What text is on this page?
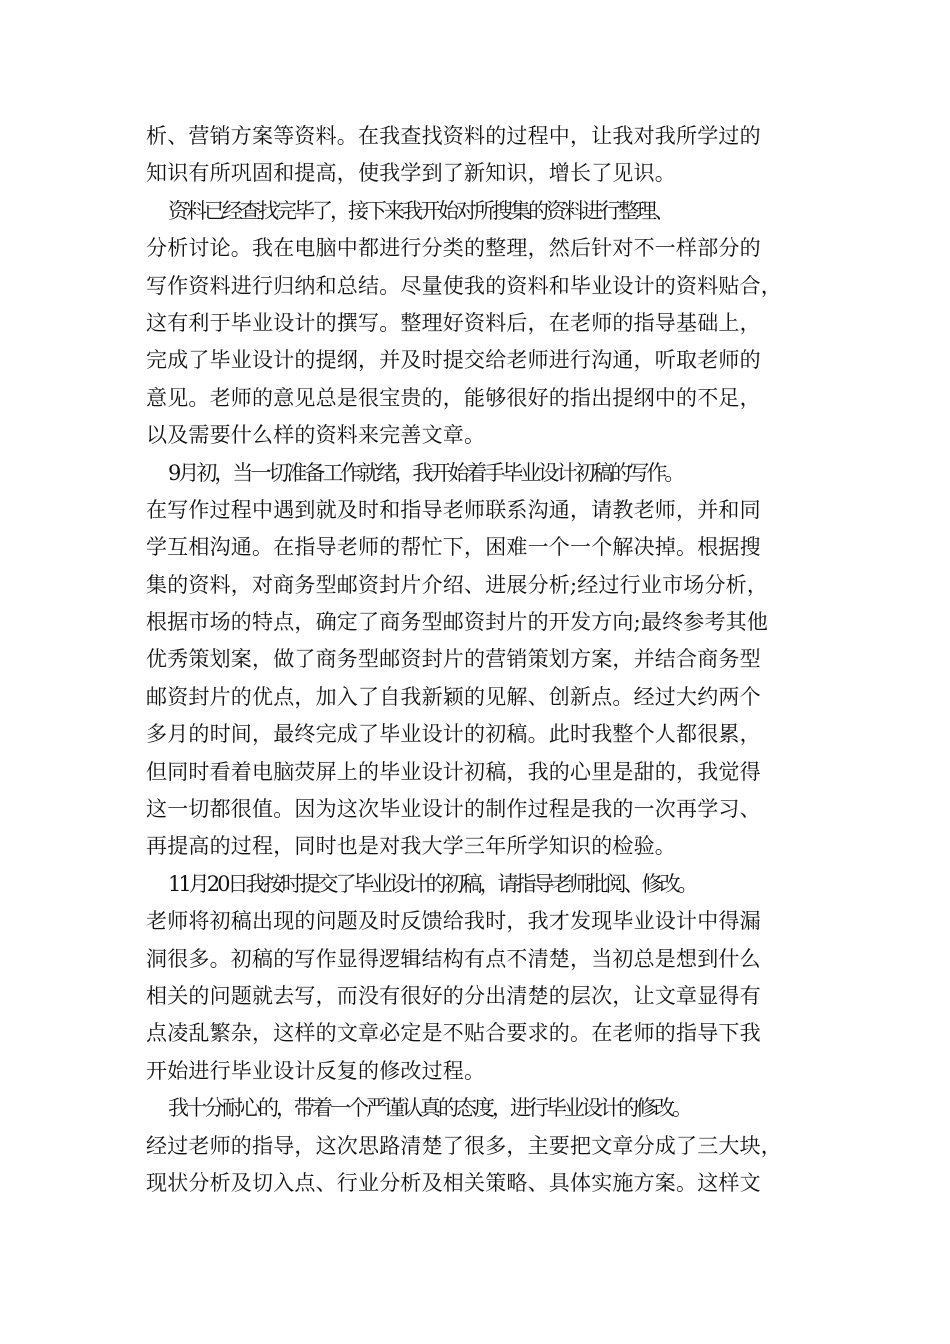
析、营销方案等资料。在我查找资料的过程中，让我对我所学过的
知识有所巩固和提高，使我学到了新知识，增长了见识。
资料已经查找完毕了，接下来我开始对所搜集的资料进行整理、
分析讨论。我在电脑中都进行分类的整理，然后针对不一样部分的
写作资料进行归纳和总结。尽量使我的资料和毕业设计的资料贴合，
这有利于毕业设计的撰写。整理好资料后，在老师的指导基础上，
完成了毕业设计的提纲，并及时提交给老师进行沟通，听取老师的
意见。老师的意见总是很宝贵的，能够很好的指出提纲中的不足，
以及需要什么样的资料来完善文章。
9月初，当一切准备工作就绪，我开始着手毕业设计初稿的写作。
在写作过程中遇到就及时和指导老师联系沟通，请教老师，并和同
学互相沟通。在指导老师的帮忙下，困难一个一个解决掉。根据搜
集的资料，对商务型邮资封片介绍、进展分析;经过行业市场分析，
根据市场的特点，确定了商务型邮资封片的开发方向;最终参考其他
优秀策划案，做了商务型邮资封片的营销策划方案，并结合商务型
邮资封片的优点，加入了自我新颖的见解、创新点。经过大约两个
多月的时间，最终完成了毕业设计的初稿。此时我整个人都很累，
但同时看着电脑荧屏上的毕业设计初稿，我的心里是甜的，我觉得
这一切都很值。因为这次毕业设计的制作过程是我的一次再学习、
再提高的过程，同时也是对我大学三年所学知识的检验。
11月20日我按时提交了毕业设计的初稿，请指导老师批阅、修改。
老师将初稿出现的问题及时反馈给我时，我才发现毕业设计中得漏
洞很多。初稿的写作显得逻辑结构有点不清楚，当初总是想到什么
相关的问题就去写，而没有很好的分出清楚的层次，让文章显得有
点凌乱繁杂，这样的文章必定是不贴合要求的。在老师的指导下我
开始进行毕业设计反复的修改过程。
我十分耐心的，带着一个严谨认真的态度，进行毕业设计的修改。
经过老师的指导，这次思路清楚了很多，主要把文章分成了三大块，
现状分析及切入点、行业分析及相关策略、具体实施方案。这样文
